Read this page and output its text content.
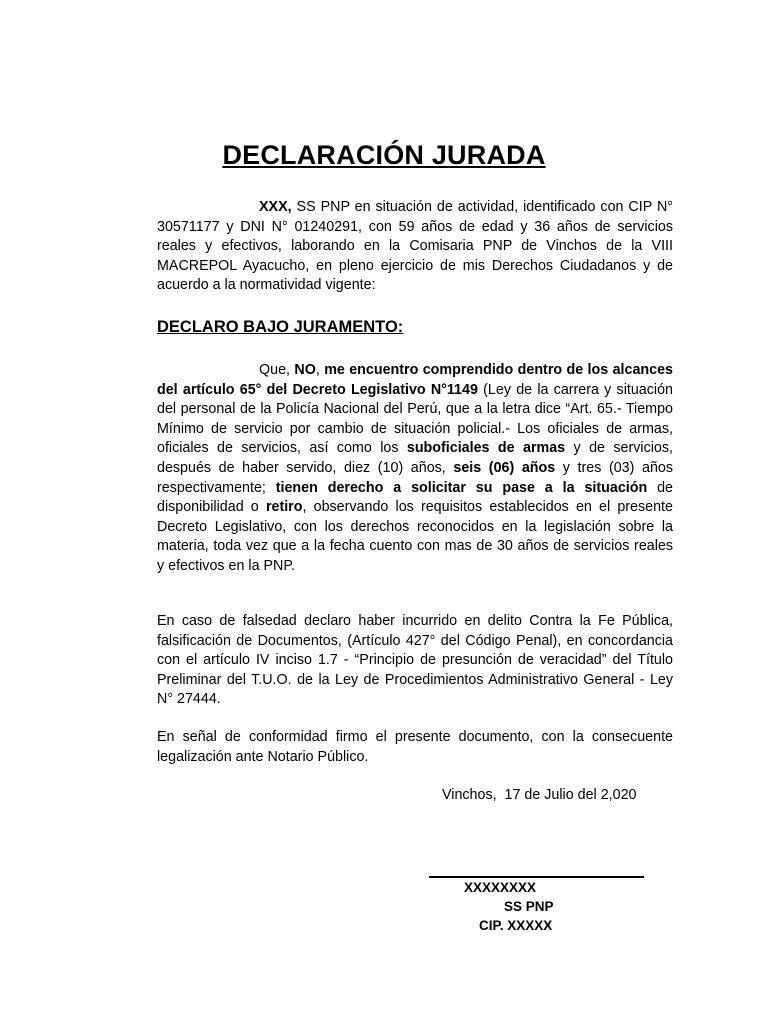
DECLARACIÓN JURADA

XXX, SS PNP en situación de actividad, identificado con CIP N° 30571177 y DNI N° 01240291, con 59 años de edad y 36 años de servicios reales y efectivos, laborando en la Comisaria PNP de Vinchos de la VIII MACREPOL Ayacucho, en pleno ejercicio de mis Derechos Ciudadanos y de acuerdo a la normatividad vigente:

DECLARO BAJO JURAMENTO:

Que, NO, me encuentro comprendido dentro de los alcances del artículo 65° del Decreto Legislativo N°1149 (Ley de la carrera y situación del personal de la Policía Nacional del Perú, que a la letra dice “Art. 65.- Tiempo Mínimo de servicio por cambio de situación policial.- Los oficiales de armas, oficiales de servicios, así como los suboficiales de armas y de servicios, después de haber servido, diez (10) años, seis (06) años y tres (03) años respectivamente; tienen derecho a solicitar su pase a la situación de disponibilidad o retiro, observando los requisitos establecidos en el presente Decreto Legislativo, con los derechos reconocidos en la legislación sobre la materia, toda vez que a la fecha cuento con mas de 30 años de servicios reales y efectivos en la PNP.

En caso de falsedad declaro haber incurrido en delito Contra la Fe Pública, falsificación de Documentos, (Artículo 427° del Código Penal), en concordancia con el artículo IV inciso 1.7 - “Principio de presunción de veracidad” del Título Preliminar del T.U.O. de la Ley de Procedimientos Administrativo General - Ley N° 27444.

En señal de conformidad firmo el presente documento, con la consecuente legalización ante Notario Público.

Vinchos,  17 de Julio del 2,020
XXXXXXXX
SS PNP
CIP. XXXXX
